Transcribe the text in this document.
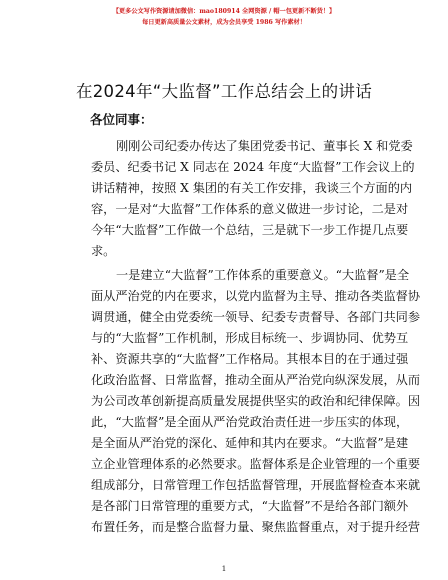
【更多公文写作资源请加微信：mao180914 全网资源 / 帽一包更新不断货！】
每日更新高质量公文素材，成为会员享受 1986 写作素材！
在2024年“大监督”工作总结会上的讲话
各位同事：
刚刚公司纪委办传达了集团党委书记、董事长 X 和党委
委员、纪委书记 X 同志在 2024 年度“大监督”工作会议上的
讲话精神，按照 X 集团的有关工作安排，我谈三个方面的内
容，一是对“大监督”工作体系的意义做进一步讨论，二是对
今年“大监督”工作做一个总结，三是就下一步工作提几点要
求。
一是建立“大监督”工作体系的重要意义。“大监督”是全
面从严治党的内在要求，以党内监督为主导、推动各类监督协
调贯通，健全由党委统一领导、纪委专责督导、各部门共同参
与的“大监督”工作机制，形成目标统一、步调协同、优势互
补、资源共享的“大监督”工作格局。其根本目的在于通过强
化政治监督、日常监督，推动全面从严治党向纵深发展，从而
为公司改革创新提高质量发展提供坚实的政治和纪律保障。因
此，“大监督”是全面从严治党政治责任进一步压实的体现，
是全面从严治党的深化、延伸和其内在要求。“大监督”是建
立企业管理体系的必然要求。监督体系是企业管理的一个重要
组成部分，日常管理工作包括监督管理，开展监督检查本来就
是各部门日常管理的重要方式，“大监督”不是给各部门额外
布置任务，而是整合监督力量、聚焦监督重点，对于提升经营
1
